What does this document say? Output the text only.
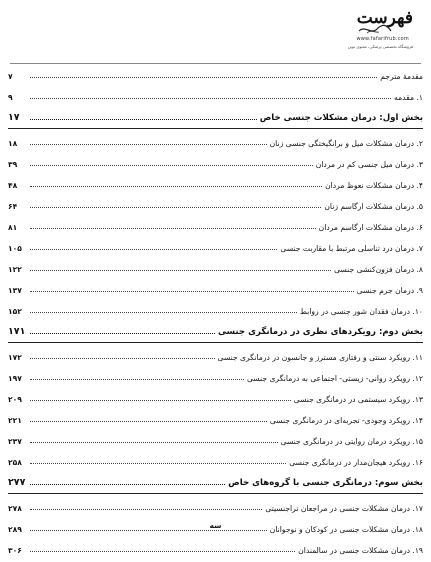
فهرست
www.fafarifrub.com
فروشگاه تخصصی پزشکی، معنوی نوین
مقدمهٔ مترجم
۷
۱. مقدمه
۹
بخش اول: درمان مشکلات جنسی خاص
۱۷
۲. درمان مشکلات میل و برانگیختگی جنسی زنان
۱۸
۳. درمان میل جنسی کم در مردان
۳۹
۴. درمان مشکلات نعوظ مردان
۴۸
۵. درمان مشکلات ارگاسم زنان
۶۴
۶. درمان مشکلات ارگاسم مردان
۸۱
۷. درمان درد تناسلی مرتبط با مقاربت جنسی
۱۰۵
۸. درمان فزون‌کنشی جنسی
۱۲۲
۹. درمان جرم جنسی
۱۳۷
۱۰. درمان فقدان شور جنسی در روابط
۱۵۲
بخش دوم: رویکردهای نظری در درمانگری جنسی
۱۷۱
۱۱. رویکرد سنتی و رفتاری مسترز و جانسون در درمانگری جنسی
۱۷۲
۱۲. رویکرد روانی- زیستی- اجتماعی به درمانگری جنسی
۱۹۷
۱۳. رویکرد سیستمی در درمانگری جنسی
۲۰۹
۱۴. رویکرد وجودی- تجربه‌ای در درمانگری جنسی
۲۲۱
۱۵. رویکرد درمان روایتی در درمانگری جنسی
۲۳۷
۱۶. رویکرد هیجان‌مدار در درمانگری جنسی
۲۵۸
بخش سوم: درمانگری جنسی با گروه‌های خاص
۲۷۷
۱۷. درمان مشکلات جنسی در مراجعان تراجنسیتی
۲۷۸
۱۸. درمان مشکلات جنسی در کودکان و نوجوانان
۲۸۹
۱۹. درمان مشکلات جنسی در سالمندان
۳۰۶
سه
